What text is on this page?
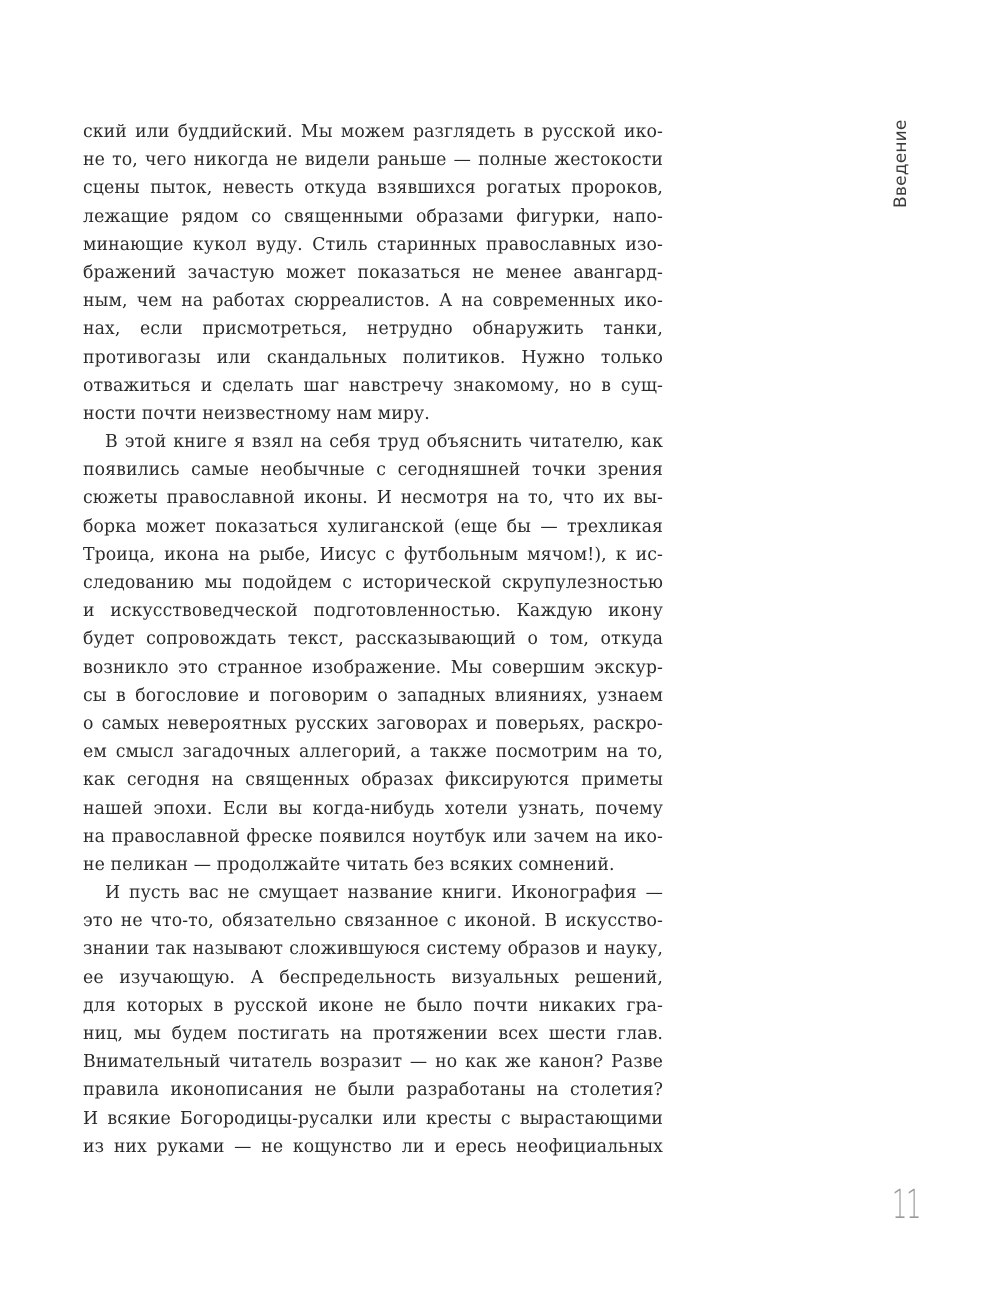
ский или буддийский. Мы можем разглядеть в русской ико-
не то, чего никогда не видели раньше — полные жестокости
сцены пыток, невесть откуда взявшихся рогатых пророков,
лежащие рядом со священными образами фигурки, напо-
минающие кукол вуду. Стиль старинных православных изо-
бражений зачастую может показаться не менее авангард-
ным, чем на работах сюрреалистов. А на современных ико-
нах, если присмотреться, нетрудно обнаружить танки,
противогазы или скандальных политиков. Нужно только
отважиться и сделать шаг навстречу знакомому, но в сущ-
ности почти неизвестному нам миру.
В этой книге я взял на себя труд объяснить читателю, как
появились самые необычные с сегодняшней точки зрения
сюжеты православной иконы. И несмотря на то, что их вы-
борка может показаться хулиганской (еще бы — трехликая
Троица, икона на рыбе, Иисус с футбольным мячом!), к ис-
следованию мы подойдем с исторической скрупулезностью
и искусствоведческой подготовленностью. Каждую икону
будет сопровождать текст, рассказывающий о том, откуда
возникло это странное изображение. Мы совершим экскур-
сы в богословие и поговорим о западных влияниях, узнаем
о самых невероятных русских заговорах и поверьях, раскро-
ем смысл загадочных аллегорий, а также посмотрим на то,
как сегодня на священных образах фиксируются приметы
нашей эпохи. Если вы когда-нибудь хотели узнать, почему
на православной фреске появился ноутбук или зачем на ико-
не пеликан — продолжайте читать без всяких сомнений.
И пусть вас не смущает название книги. Иконография —
это не что-то, обязательно связанное с иконой. В искусство-
знании так называют сложившуюся систему образов и науку,
ее изучающую. А беспредельность визуальных решений,
для которых в русской иконе не было почти никаких гра-
ниц, мы будем постигать на протяжении всех шести глав.
Внимательный читатель возразит — но как же канон? Разве
правила иконописания не были разработаны на столетия?
И всякие Богородицы-русалки или кресты с вырастающими
из них руками — не кощунство ли и ересь неофициальных
Введение
11
